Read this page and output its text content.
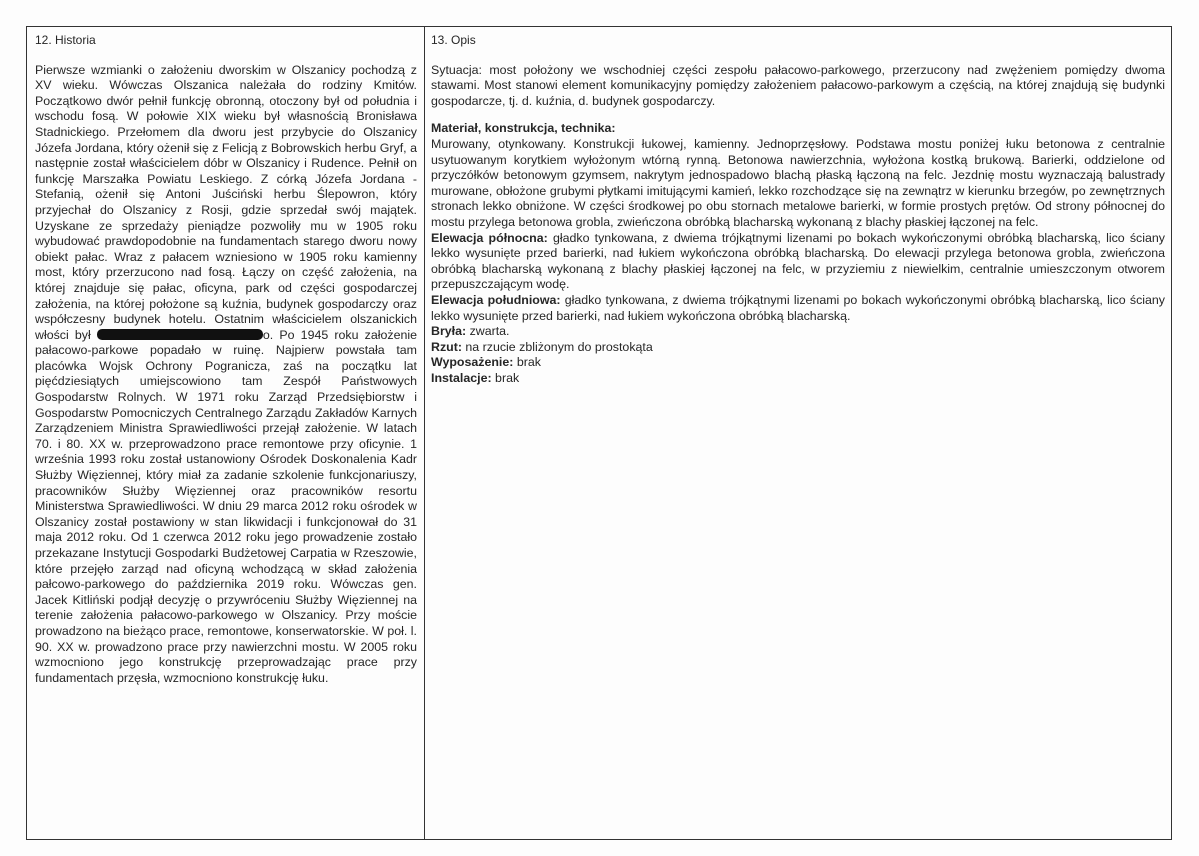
12. Historia

Pierwsze wzmianki o założeniu dworskim w Olszanicy pochodzą z XV wieku. Wówczas Olszanica należała do rodziny Kmitów. Początkowo dwór pełnił funkcję obronną, otoczony był od południa i wschodu fosą. W połowie XIX wieku był własnością Bronisława Stadnickiego. Przełomem dla dworu jest przybycie do Olszanicy Józefa Jordana, który ożenił się z Felicją z Bobrowskich herbu Gryf, a następnie został właścicielem dóbr w Olszanicy i Rudence. Pełnił on funkcję Marszałka Powiatu Leskiego. Z córką Józefa Jordana - Stefanią, ożenił się Antoni Juściński herbu Ślepowron, który przyjechał do Olszanicy z Rosji, gdzie sprzedał swój majątek. Uzyskane ze sprzedaży pieniądze pozwoliły mu w 1905 roku wybudować prawdopodobnie na fundamentach starego dworu nowy obiekt pałac. Wraz z pałacem wzniesiono w 1905 roku kamienny most, który przerzucono nad fosą. Łączy on część założenia, na której znajduje się pałac, oficyna, park od części gospodarczej założenia, na której położone są kuźnia, budynek gospodarczy oraz współczesny budynek hotelu. Ostatnim właścicielem olszanickich włości był	o. Po 1945 roku założenie pałacowo-parkowe popadało w ruinę. Najpierw powstała tam placówka Wojsk Ochrony Pogranicza, zaś na początku lat pięćdziesiątych umiejscowiono tam Zespół Państwowych Gospodarstw Rolnych. W 1971 roku Zarząd Przedsiębiorstw i Gospodarstw Pomocniczych Centralnego Zarządu Zakładów Karnych Zarządzeniem Ministra Sprawiedliwości przejął założenie. W latach 70. i 80. XX w. przeprowadzono prace remontowe przy oficynie. 1 września 1993 roku został ustanowiony Ośrodek Doskonalenia Kadr Służby Więziennej, który miał za zadanie szkolenie funkcjonariuszy, pracowników Służby Więziennej oraz pracowników resortu Ministerstwa Sprawiedliwości. W dniu 29 marca 2012 roku ośrodek w Olszanicy został postawiony w stan likwidacji i funkcjonował do 31 maja 2012 roku. Od 1 czerwca 2012 roku jego prowadzenie zostało przekazane Instytucji Gospodarki Budżetowej Carpatia w Rzeszowie, które przejęło zarząd nad oficyną wchodzącą w skład założenia pałcowo-parkowego do października 2019 roku. Wówczas gen. Jacek Kitliński podjął decyzję o przywróceniu Służby Więziennej na terenie założenia pałacowo-parkowego w Olszanicy. Przy moście prowadzono na bieżąco prace, remontowe, konserwatorskie. W poł. l. 90. XX w. prowadzono prace przy nawierzchni mostu. W 2005 roku wzmocniono jego konstrukcję przeprowadzając prace przy fundamentach przęsła, wzmocniono konstrukcję łuku.

13. Opis

Sytuacja: most położony we wschodniej części zespołu pałacowo-parkowego, przerzucony nad zwężeniem pomiędzy dwoma stawami. Most stanowi element komunikacyjny pomiędzy założeniem pałacowo-parkowym a częścią, na której znajdują się budynki gospodarcze, tj. d. kuźnia, d. budynek gospodarczy.

Materiał, konstrukcja, technika:

Murowany, otynkowany. Konstrukcji łukowej, kamienny. Jednoprzęsłowy. Podstawa mostu poniżej łuku betonowa z centralnie usytuowanym korytkiem wyłożonym wtórną rynną. Betonowa nawierzchnia, wyłożona kostką brukową. Barierki, oddzielone od przyczółków betonowym gzymsem, nakrytym jednospadowo blachą płaską łączoną na felc. Jezdnię mostu wyznaczają balustrady murowane, obłożone grubymi płytkami imitującymi kamień, lekko rozchodzące się na zewnątrz w kierunku brzegów, po zewnętrznych stronach lekko obniżone. W części środkowej po obu stornach metalowe barierki, w formie prostych prętów. Od strony północnej do mostu przylega betonowa grobla, zwieńczona obróbką blacharską wykonaną z blachy płaskiej łączonej na felc.

Elewacja północna: gładko tynkowana, z dwiema trójkątnymi lizenami po bokach wykończonymi obróbką blacharską, lico ściany lekko wysunięte przed barierki, nad łukiem wykończona obróbką blacharską. Do elewacji przylega betonowa grobla, zwieńczona obróbką blacharską wykonaną z blachy płaskiej łączonej na felc, w przyziemiu z niewielkim, centralnie umieszczonym otworem przepuszczającym wodę.

Elewacja południowa: gładko tynkowana, z dwiema trójkątnymi lizenami po bokach wykończonymi obróbką blacharską, lico ściany lekko wysunięte przed barierki, nad łukiem wykończona obróbką blacharską.

Bryła: zwarta.

Rzut: na rzucie zbliżonym do prostokąta

Wyposażenie: brak

Instalacje: brak
